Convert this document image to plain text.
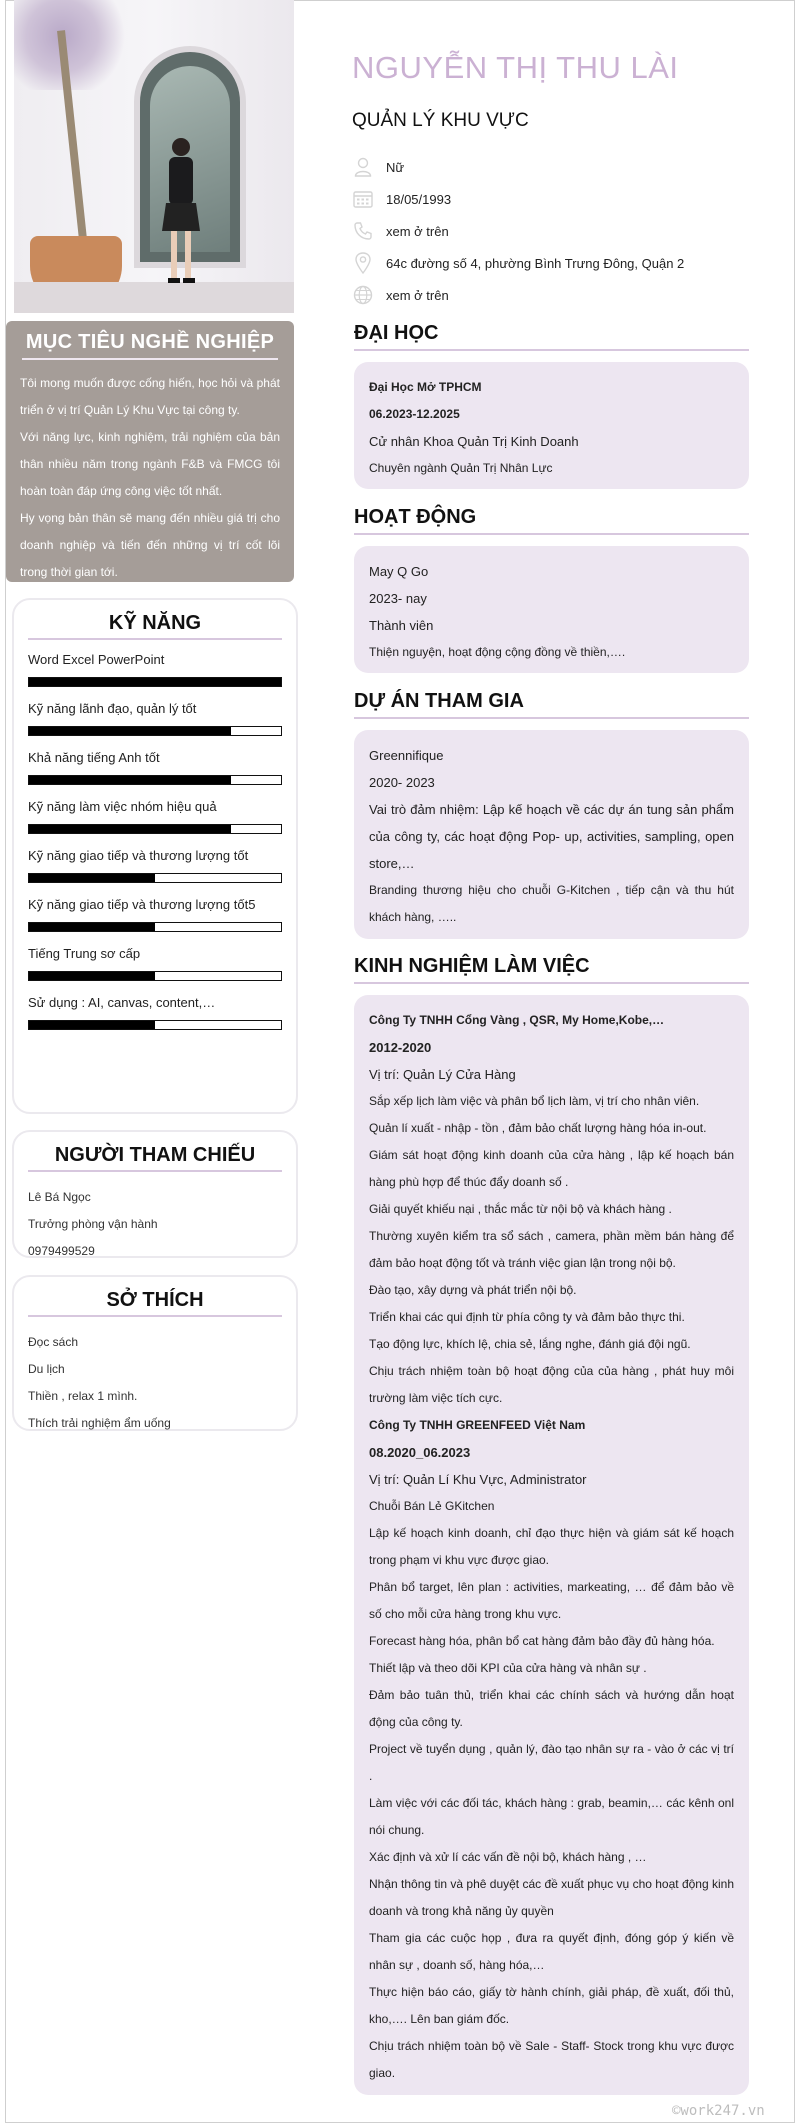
MỤC TIÊU NGHỀ NGHIỆP

Tôi mong muốn được cống hiến, học hỏi và phát triển ở vị trí Quản Lý Khu Vực tại công ty.

Với năng lực, kinh nghiệm, trải nghiệm của bản thân nhiều năm trong ngành F&B và FMCG tôi hoàn toàn đáp ứng công việc tốt nhất.

Hy vọng bản thân sẽ mang đến nhiều giá trị cho doanh nghiệp và tiến đến những vị trí cốt lõi trong thời gian tới.

KỸ NĂNG
Word Excel PowerPoint
Kỹ năng lãnh đạo, quản lý tốt
Khả năng tiếng Anh tốt
Kỹ năng làm việc nhóm hiệu quả
Kỹ năng giao tiếp và thương lượng tốt
Kỹ năng giao tiếp và thương lượng tốt5
Tiếng Trung sơ cấp
Sử dụng : AI, canvas, content,…
NGƯỜI THAM CHIẾU
Lê Bá Ngọc
Trưởng phòng vận hành
0979499529
SỞ THÍCH
Đọc sách
Du lịch
Thiền , relax 1 mình.
Thích trải nghiệm ẩm uống
NGUYỄN THỊ THU LÀI
QUẢN LÝ KHU VỰC
Nữ
18/05/1993
xem ở trên
64c đường số 4, phường Bình Trưng Đông, Quận 2
xem ở trên
ĐẠI HỌC
Đại Học Mở TPHCM
06.2023-12.2025
Cử nhân Khoa Quản Trị Kinh Doanh
Chuyên ngành Quản Trị Nhân Lực
HOẠT ĐỘNG
May Q Go
2023- nay
Thành viên
Thiện nguyện, hoạt động cộng đồng về thiền,….
DỰ ÁN THAM GIA
Greennifique
2020- 2023
Vai trò đảm nhiệm: Lập kế hoạch về các dự án tung sản phẩm của công ty, các hoạt động Pop- up, activities, sampling, open store,…
Branding thương hiệu cho chuỗi G-Kitchen , tiếp cận và thu hút khách hàng, …..
KINH NGHIỆM LÀM VIỆC
Công Ty TNHH Cổng Vàng , QSR, My Home,Kobe,…
2012-2020
Vị trí: Quản Lý Cửa Hàng
Sắp xếp lịch làm việc và phân bổ lịch làm, vị trí cho nhân viên.
Quản lí xuất - nhập - tồn , đảm bảo chất lượng hàng hóa in-out.
Giám sát hoạt động kinh doanh của cửa hàng , lập kế hoạch bán hàng phù hợp để thúc đẩy doanh số .
Giải quyết khiếu nại , thắc mắc từ nội bộ và khách hàng .
Thường xuyên kiểm tra sổ sách , camera, phần mềm bán hàng để đảm bảo hoạt động tốt và tránh việc gian lận trong nội bộ.
Đào tạo, xây dựng và phát triển nội bộ.
Triển khai các qui định từ phía công ty và đảm bảo thực thi.
Tạo động lực, khích lệ, chia sẻ, lắng nghe, đánh giá đội ngũ.
Chịu trách nhiệm toàn bộ hoạt động của của hàng , phát huy môi trường làm việc tích cực.
Công Ty TNHH GREENFEED Việt Nam
08.2020_06.2023
Vị trí: Quản Lí Khu Vực, Administrator
Chuỗi Bán Lẻ GKitchen
Lập kế hoạch kinh doanh, chỉ đạo thực hiện và giám sát kế hoạch trong phạm vi khu vực được giao.
Phân bổ target, lên plan : activities, markeating, … để đảm bảo về số cho mỗi cửa hàng trong khu vực.
Forecast hàng hóa, phân bổ cat hàng đảm bảo đầy đủ hàng hóa.
Thiết lập và theo dõi KPI của cửa hàng và nhân sự .
Đảm bảo tuân thủ, triển khai các chính sách và hướng dẫn hoạt động của công ty.
Project về tuyển dụng , quản lý, đào tạo nhân sự ra - vào ở các vị trí .
Làm việc với các đối tác, khách hàng : grab, beamin,… các kênh onl nói chung.
Xác định và xử lí các vấn đề nội bộ, khách hàng , …
Nhận thông tin và phê duyệt các đề xuất phục vụ cho hoạt động kinh doanh và trong khả năng ủy quyền
Tham gia các cuộc họp , đưa ra quyết định, đóng góp ý kiến về nhân sự , doanh số, hàng hóa,…
Thực hiện báo cáo, giấy tờ hành chính, giải pháp, đề xuất, đối thủ, kho,…. Lên ban giám đốc.
Chịu trách nhiệm toàn bộ về Sale - Staff- Stock trong khu vực được giao.
©work247.vn
